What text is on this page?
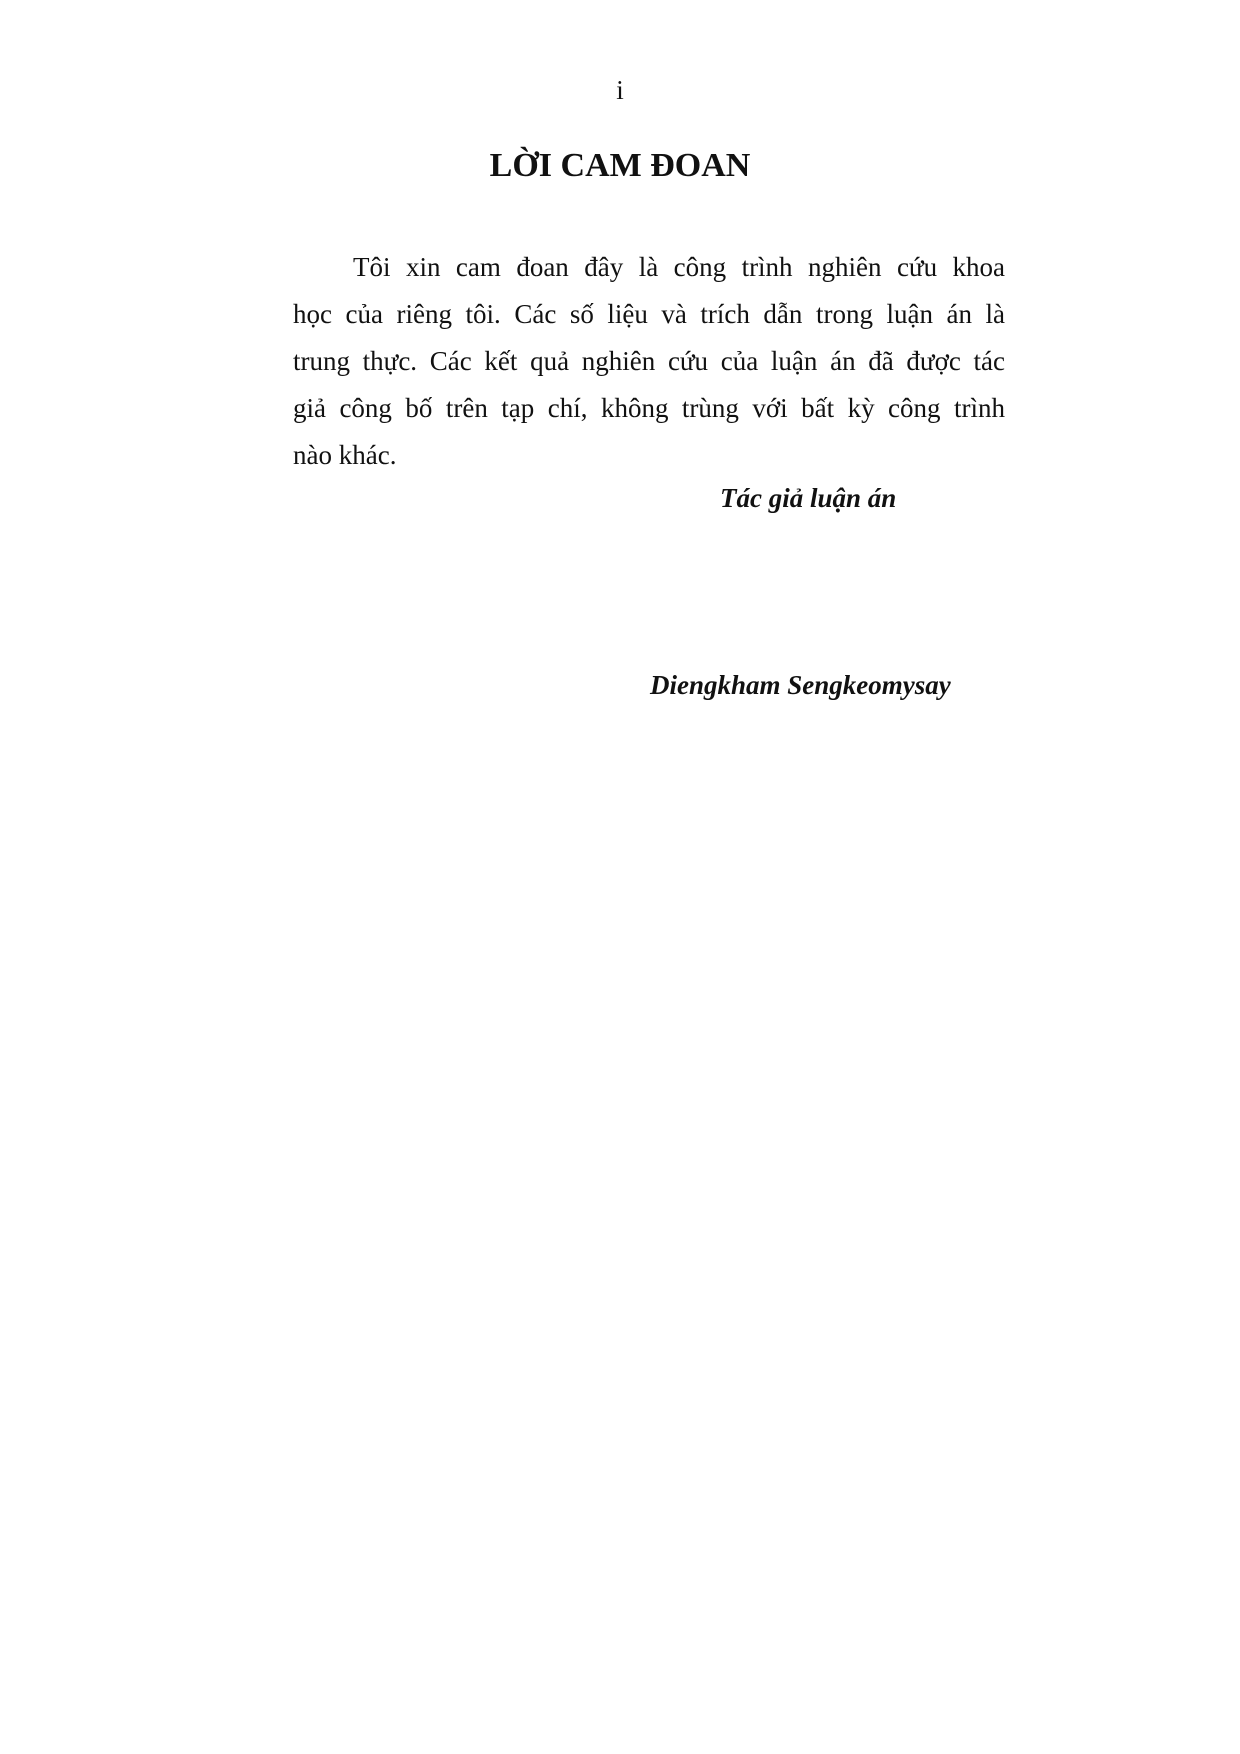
i
LỜI CAM ĐOAN
Tôi xin cam đoan đây là công trình nghiên cứu khoa
học của riêng tôi. Các số liệu và trích dẫn trong luận án là
trung thực. Các kết quả nghiên cứu của luận án đã được tác
giả công bố trên tạp chí, không trùng với bất kỳ công trình
nào khác.
Tác giả luận án
Diengkham Sengkeomysay
